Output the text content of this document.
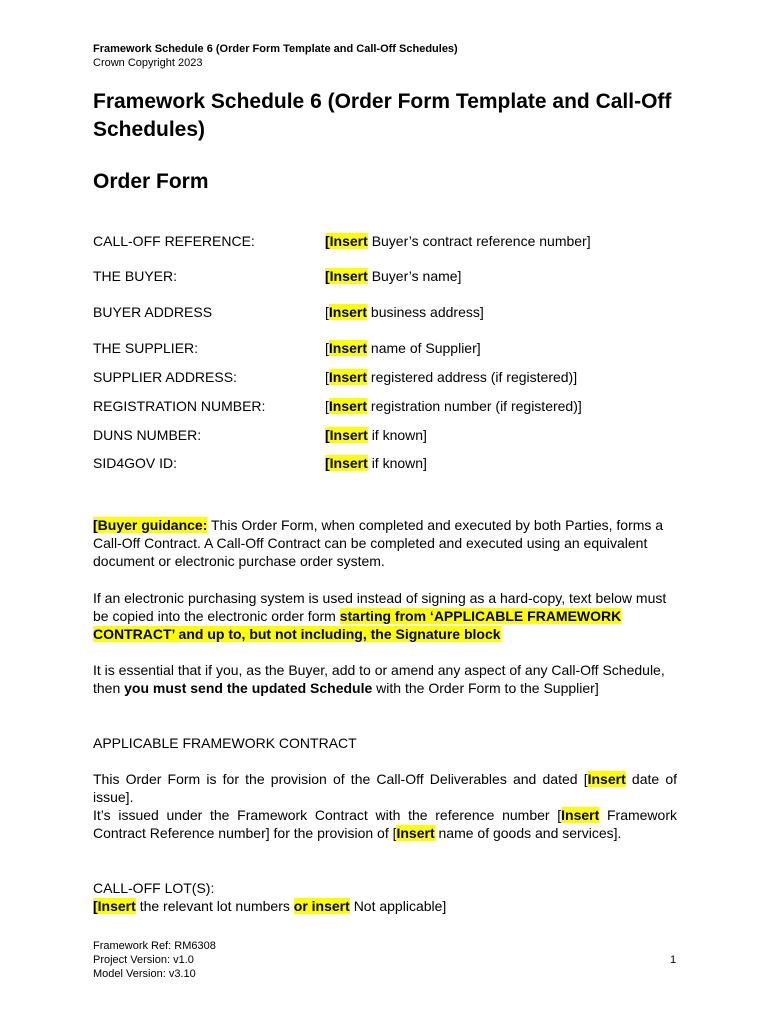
Framework Schedule 6 (Order Form Template and Call-Off Schedules)
Crown Copyright 2023
Framework Schedule 6 (Order Form Template and Call-Off Schedules)
Order Form
CALL-OFF REFERENCE:	[Insert Buyer’s contract reference number]
THE BUYER:	[Insert Buyer’s name]
BUYER ADDRESS	[Insert business address]
THE SUPPLIER:	[Insert name of Supplier]
SUPPLIER ADDRESS:	[Insert registered address (if registered)]
REGISTRATION NUMBER:	[Insert registration number (if registered)]
DUNS NUMBER:	[Insert if known]
SID4GOV ID:	[Insert if known]
[Buyer guidance: This Order Form, when completed and executed by both Parties, forms a Call-Off Contract. A Call-Off Contract can be completed and executed using an equivalent document or electronic purchase order system.
If an electronic purchasing system is used instead of signing as a hard-copy, text below must be copied into the electronic order form starting from ‘APPLICABLE FRAMEWORK CONTRACT’ and up to, but not including, the Signature block
It is essential that if you, as the Buyer, add to or amend any aspect of any Call-Off Schedule, then you must send the updated Schedule with the Order Form to the Supplier]
APPLICABLE FRAMEWORK CONTRACT
This Order Form is for the provision of the Call-Off Deliverables and dated [Insert date of issue].
It’s issued under the Framework Contract with the reference number [Insert Framework Contract Reference number] for the provision of [Insert name of goods and services].
CALL-OFF LOT(S):
[Insert the relevant lot numbers or insert Not applicable]
Framework Ref: RM6308
Project Version: v1.0
Model Version: v3.10
1
